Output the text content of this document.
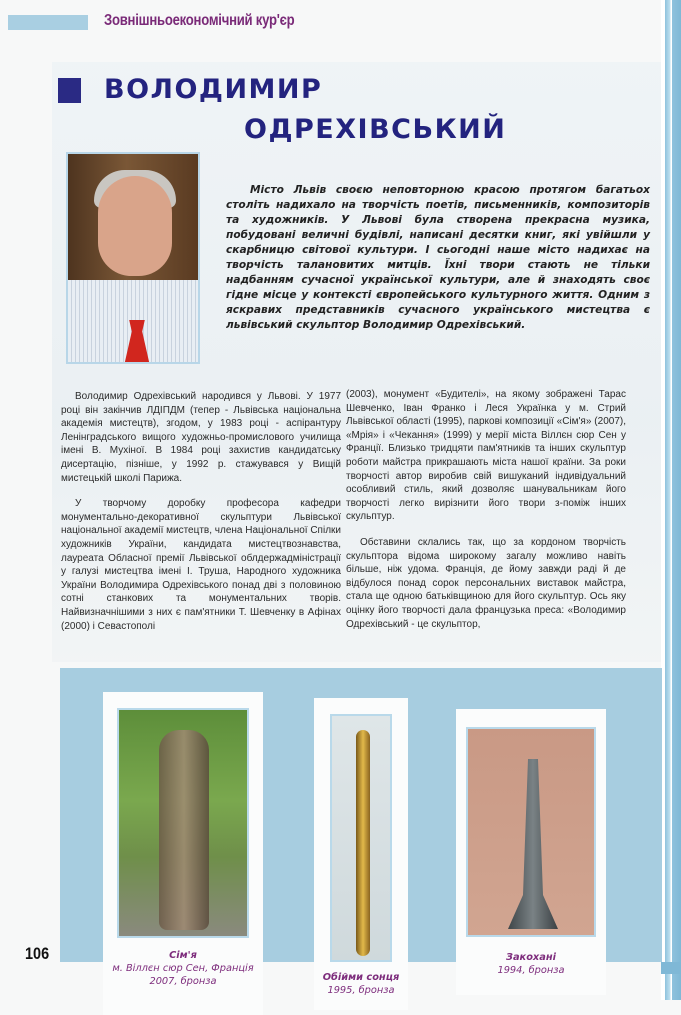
Зовнішньоекономічний кур'єр
ВОЛОДИМИР
ОДРЕХІВСЬКИЙ
Місто Львів своєю неповторною красою протягом багатьох століть надихало на творчість поетів, письменників, композиторів та художників. У Львові була створена прекрасна музика, побудовані величні будівлі, написані десятки книг, які увійшли у скарбницю світової культури. І сьогодні наше місто надихає на творчість талановитих митців. Їхні твори стають не тільки надбанням сучасної української культури, але й знаходять своє гідне місце у контексті європейського культурного життя. Одним з яскравих представників сучасного українського мистецтва є львівський скульптор Володимир Одрехівський.

Володимир Одрехівський народився у Львові. У 1977 році він закінчив ЛДІПДМ (тепер - Львівська національна академія мистецтв), згодом, у 1983 році - аспірантуру Ленінградського вищого художньо-промислового училища імені В. Мухіної. В 1984 році захистив кандидатську дисертацію, пізніше, у 1992 р. стажувався у Вищій мистецькій школі Парижа.

У творчому доробку професора кафедри монументально-декоративної скульптури Львівської національної академії мистецтв, члена Національної Спілки художників України, кандидата мистецтвознавства, лауреата Обласної премії Львівської облдержадміністрації у галузі мистецтва імені І. Труша, Народного художника України Володимира Одрехівського понад дві з половиною сотні станкових та монументальних творів. Найвизначнішими з них є пам'ятники Т. Шевченку в Афінах (2000) і Севастополі

(2003), монумент «Будителі», на якому зображені Тарас Шевченко, Іван Франко і Леся Українка у м. Стрий Львівської області (1995), паркові композиції «Сім'я» (2007), «Мрія» і «Чекання» (1999) у мерії міста Віллєн сюр Сен у Франції. Близько тридцяти пам'ятників та інших скульптур роботи майстра прикрашають міста нашої країни. За роки творчості автор виробив свій вишуканий індивідуальний особливий стиль, який дозволяє шанувальникам його творчості легко вирізнити його твори з-поміж інших скульптур.

Обставини склались так, що за кордоном творчість скульптора відома широкому загалу можливо навіть більше, ніж удома. Франція, де йому завжди раді й де відбулося понад сорок персональних виставок майстра, стала ще одною батьківщиною для його скульптур. Ось яку оцінку його творчості дала французька преса: «Володимир Одрехівський - це скульптор,

Сім'я
м. Віллєн сюр Сен, Франція
2007, бронза	Обійми сонця
1995, бронза
Закохані
1994, бронза
106
